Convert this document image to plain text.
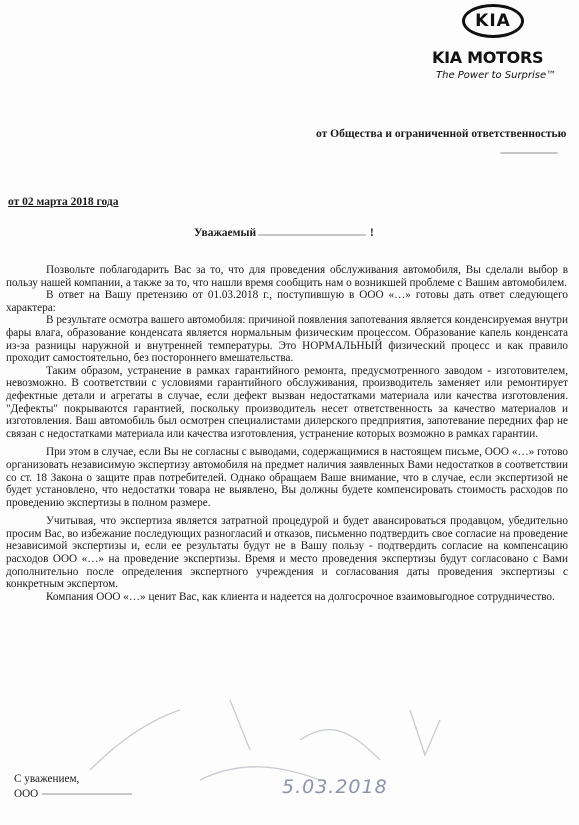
KIA
KIA MOTORS
The Power to Surprise™
от Общества и ограниченной ответственностью
от 02 марта 2018 года
Уважаемый	!

Позвольте поблагодарить Вас за то, что для проведения обслуживания автомобиля, Вы сделали выбор в пользу нашей компании, а также за то, что нашли время сообщить нам о возникшей проблеме с Вашим автомобилем.

В ответ на Вашу претензию от 01.03.2018 г., поступившую в ООО «…» готовы дать ответ следующего характера:

В результате осмотра вашего автомобиля: причиной появления запотевания является конденсируемая внутри фары влага, образование конденсата является нормальным физическим процессом. Образование капель конденсата из-за разницы наружной и внутренней температуры. Это НОРМАЛЬНЫЙ физический процесс и как правило проходит самостоятельно, без постороннего вмешательства.

Таким образом, устранение в рамках гарантийного ремонта, предусмотренного заводом - изготовителем, невозможно. В соответствии с условиями гарантийного обслуживания, производитель заменяет или ремонтирует дефектные детали и агрегаты в случае, если дефект вызван недостатками материала или качества изготовления. "Дефекты" покрываются гарантией, поскольку производитель несет ответственность за качество материалов и изготовления. Ваш автомобиль был осмотрен специалистами дилерского предприятия, запотевание передних фар не связан с недостатками материала или качества изготовления, устранение которых возможно в рамках гарантии.

При этом в случае, если Вы не согласны с выводами, содержащимися в настоящем письме, ООО «…» готово организовать независимую экспертизу автомобиля на предмет наличия заявленных Вами недостатков в соответствии со ст. 18 Закона о защите прав потребителей. Однако обращаем Ваше внимание, что в случае, если экспертизой не будет установлено, что недостатки товара не выявлено, Вы должны будете компенсировать стоимость расходов по проведению экспертизы в полном размере.

Учитывая, что экспертиза является затратной процедурой и будет авансироваться продавцом, убедительно просим Вас, во избежание последующих разногласий и отказов, письменно подтвердить свое согласие на проведение независимой экспертизы и, если ее результаты будут не в Вашу пользу - подтвердить согласие на компенсацию расходов ООО «…» на проведение экспертизы. Время и место проведения экспертизы будут согласовано с Вами дополнительно после определения экспертного учреждения и согласования даты проведения экспертизы с конкретным экспертом.

Компания ООО «…» ценит Вас, как клиента и надеется на долгосрочное взаимовыгодное сотрудничество.

С уважением,
ООО	5.03.2018
